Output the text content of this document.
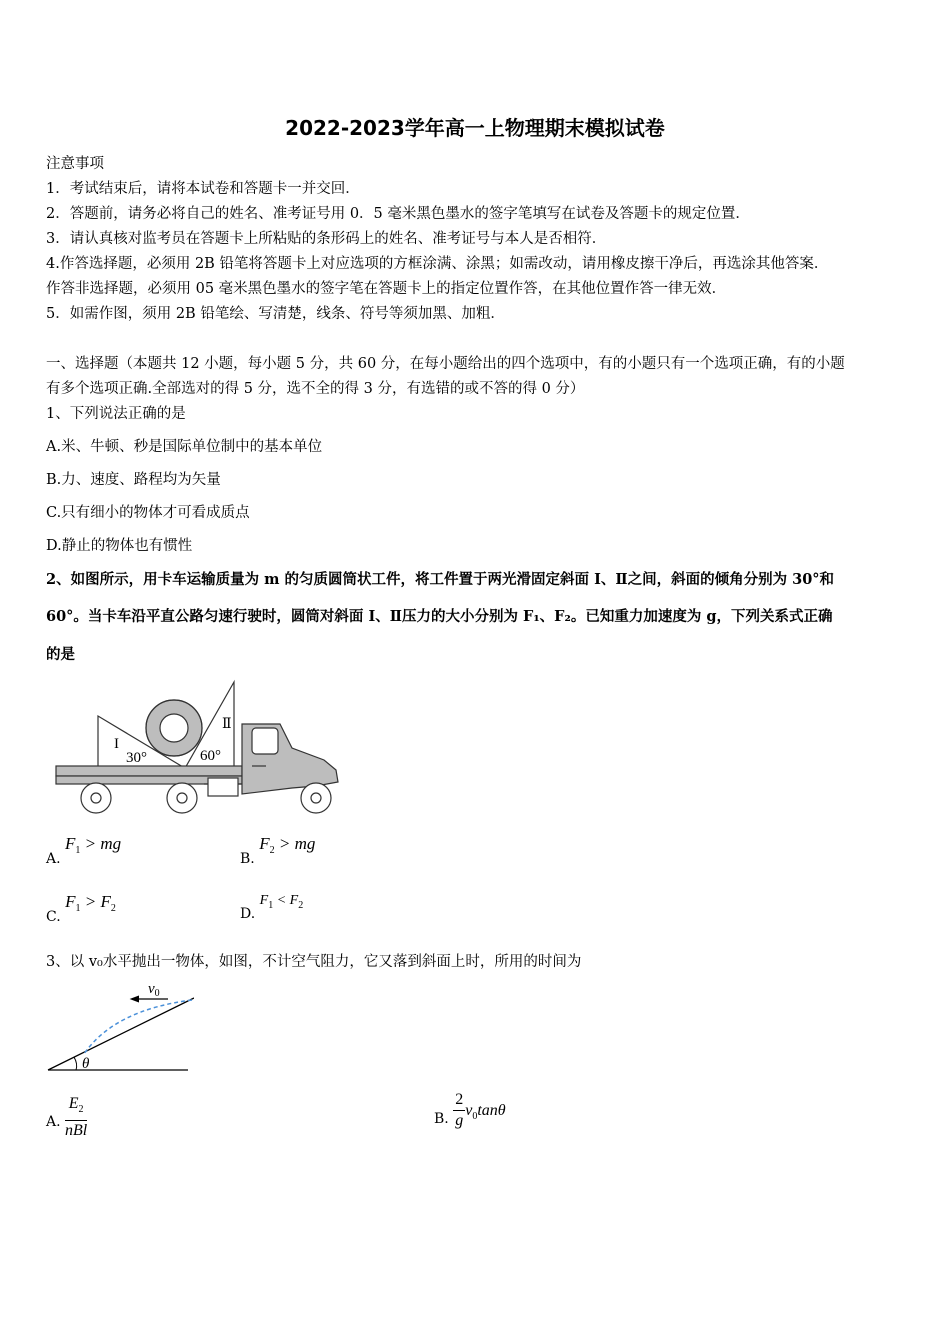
2022-2023学年高一上物理期末模拟试卷
注意事项
1．考试结束后，请将本试卷和答题卡一并交回．
2．答题前，请务必将自己的姓名、准考证号用 0．5 毫米黑色墨水的签字笔填写在试卷及答题卡的规定位置．
3．请认真核对监考员在答题卡上所粘贴的条形码上的姓名、准考证号与本人是否相符．
4.作答选择题，必须用 2B 铅笔将答题卡上对应选项的方框涂满、涂黑；如需改动，请用橡皮擦干净后，再选涂其他答案．
作答非选择题，必须用 05 毫米黑色墨水的签字笔在答题卡上的指定位置作答，在其他位置作答一律无效．
5．如需作图，须用 2B 铅笔绘、写清楚，线条、符号等须加黑、加粗．
一、选择题（本题共 12 小题，每小题 5 分，共 60 分，在每小题给出的四个选项中，有的小题只有一个选项正确，有的小题
有多个选项正确.全部选对的得 5 分，选不全的得 3 分，有选错的或不答的得 0 分）
1、下列说法正确的是
A.米、牛顿、秒是国际单位制中的基本单位
B.力、速度、路程均为矢量
C.只有细小的物体才可看成质点
D.静止的物体也有惯性
2、如图所示，用卡车运输质量为 m 的匀质圆筒状工件，将工件置于两光滑固定斜面 I、Ⅱ之间，斜面的倾角分别为 30°和
60°。当卡车沿平直公路匀速行驶时，圆筒对斜面 I、Ⅱ压力的大小分别为 F₁、F₂。已知重力加速度为 g，下列关系式正确
的是
I
Ⅱ
30°	60°
A. $F_1$ > mg
B. $F_2$ > mg
C. $F_1 > F_2$	D. $F_1 < F_2$
3、以 v₀水平抛出一物体，如图，不计空气阻力，它又落到斜面上时，所用的时间为
$v_0$
θ
A. $\frac{E_2}{\text{nBl}}$	B. $\frac{2}{g} v_0\tan\theta$
